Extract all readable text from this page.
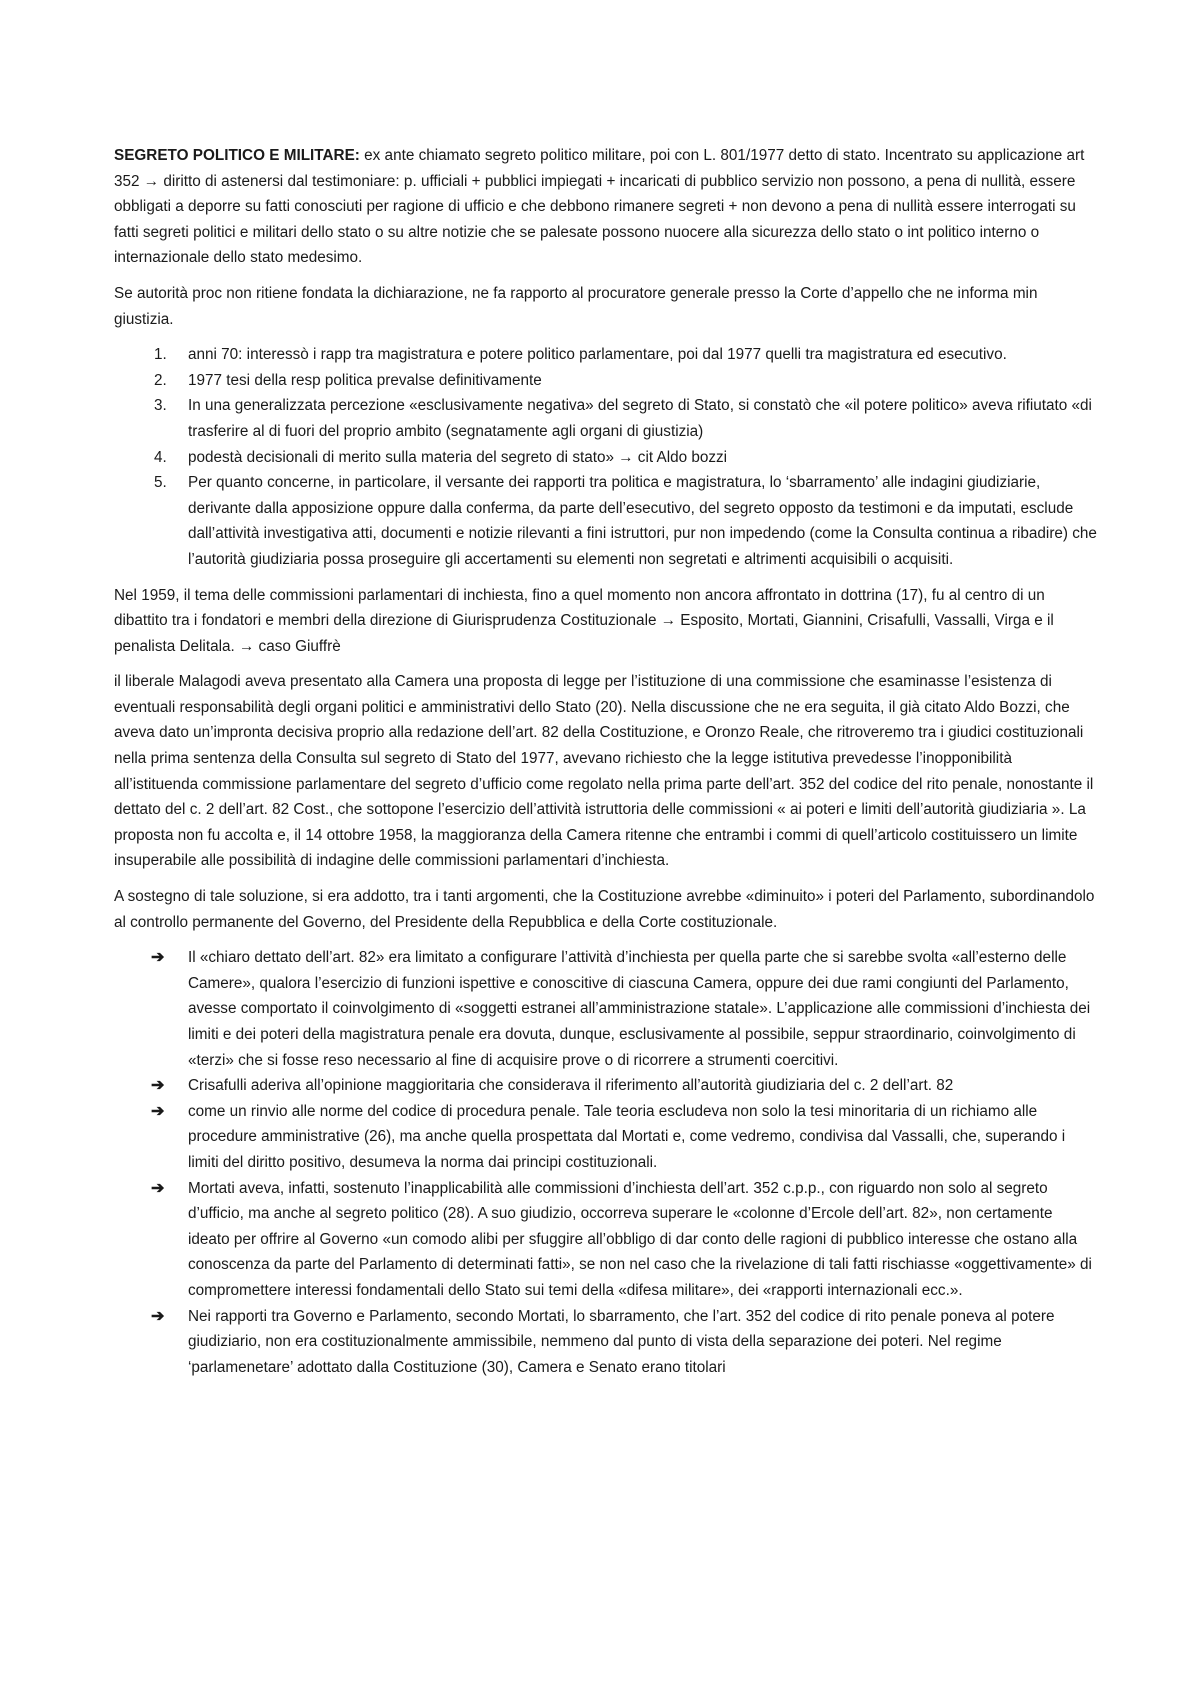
SEGRETO POLITICO E MILITARE: ex ante chiamato segreto politico militare, poi con L. 801/1977 detto di stato. Incentrato su applicazione art 352 → diritto di astenersi dal testimoniare: p. ufficiali + pubblici impiegati + incaricati di pubblico servizio non possono, a pena di nullità, essere obbligati a deporre su fatti conosciuti per ragione di ufficio e che debbono rimanere segreti + non devono a pena di nullità essere interrogati su fatti segreti politici e militari dello stato o su altre notizie che se palesate possono nuocere alla sicurezza dello stato o int politico interno o internazionale dello stato medesimo.

Se autorità proc non ritiene fondata la dichiarazione, ne fa rapporto al procuratore generale presso la Corte d’appello che ne informa min giustizia.

1. anni 70: interessò i rapp tra magistratura e potere politico parlamentare, poi dal 1977 quelli tra magistratura ed esecutivo.
2. 1977 tesi della resp politica prevalse definitivamente
3. In una generalizzata percezione «esclusivamente negativa» del segreto di Stato, si constatò che «il potere politico» aveva rifiutato «di trasferire al di fuori del proprio ambito (segnatamente agli organi di giustizia)
4. podestà decisionali di merito sulla materia del segreto di stato» → cit Aldo bozzi
5. Per quanto concerne, in particolare, il versante dei rapporti tra politica e magistratura, lo ‘sbarramento’ alle indagini giudiziarie, derivante dalla apposizione oppure dalla conferma, da parte dell’esecutivo, del segreto opposto da testimoni e da imputati, esclude dall’attività investigativa atti, documenti e notizie rilevanti a fini istruttori, pur non impedendo (come la Consulta continua a ribadire) che l’autorità giudiziaria possa proseguire gli accertamenti su elementi non segretati e altrimenti acquisibili o acquisiti.

Nel 1959, il tema delle commissioni parlamentari di inchiesta, fino a quel momento non ancora affrontato in dottrina (17), fu al centro di un dibattito tra i fondatori e membri della direzione di Giurisprudenza Costituzionale → Esposito, Mortati, Giannini, Crisafulli, Vassalli, Virga e il penalista Delitala. → caso Giuffrè

il liberale Malagodi aveva presentato alla Camera una proposta di legge per l’istituzione di una commissione che esaminasse l’esistenza di eventuali responsabilità degli organi politici e amministrativi dello Stato (20). Nella discussione che ne era seguita, il già citato Aldo Bozzi, che aveva dato un’impronta decisiva proprio alla redazione dell’art. 82 della Costituzione, e Oronzo Reale, che ritroveremo tra i giudici costituzionali nella prima sentenza della Consulta sul segreto di Stato del 1977, avevano richiesto che la legge istitutiva prevedesse l’inopponibilità all’istituenda commissione parlamentare del segreto d’ufficio come regolato nella prima parte dell’art. 352 del codice del rito penale, nonostante il dettato del c. 2 dell’art. 82 Cost., che sottopone l’esercizio dell’attività istruttoria delle commissioni « ai poteri e limiti dell’autorità giudiziaria ». La proposta non fu accolta e, il 14 ottobre 1958, la maggioranza della Camera ritenne che entrambi i commi di quell’articolo costituissero un limite insuperabile alle possibilità di indagine delle commissioni parlamentari d’inchiesta.

A sostegno di tale soluzione, si era addotto, tra i tanti argomenti, che la Costituzione avrebbe «diminuito» i poteri del Parlamento, subordinandolo al controllo permanente del Governo, del Presidente della Repubblica e della Corte costituzionale.

➔ Il «chiaro dettato dell’art. 82» era limitato a configurare l’attività d’inchiesta per quella parte che si sarebbe svolta «all’esterno delle Camere», qualora l’esercizio di funzioni ispettive e conoscitive di ciascuna Camera, oppure dei due rami congiunti del Parlamento, avesse comportato il coinvolgimento di «soggetti estranei all’amministrazione statale». L’applicazione alle commissioni d’inchiesta dei limiti e dei poteri della magistratura penale era dovuta, dunque, esclusivamente al possibile, seppur straordinario, coinvolgimento di «terzi» che si fosse reso necessario al fine di acquisire prove o di ricorrere a strumenti coercitivi.
➔ Crisafulli aderiva all’opinione maggioritaria che considerava il riferimento all’autorità giudiziaria del c. 2 dell’art. 82
➔ come un rinvio alle norme del codice di procedura penale. Tale teoria escludeva non solo la tesi minoritaria di un richiamo alle procedure amministrative (26), ma anche quella prospettata dal Mortati e, come vedremo, condivisa dal Vassalli, che, superando i limiti del diritto positivo, desumeva la norma dai principi costituzionali.
➔ Mortati aveva, infatti, sostenuto l’inapplicabilità alle commissioni d’inchiesta dell’art. 352 c.p.p., con riguardo non solo al segreto d’ufficio, ma anche al segreto politico (28). A suo giudizio, occorreva superare le «colonne d’Ercole dell’art. 82», non certamente ideato per offrire al Governo «un comodo alibi per sfuggire all’obbligo di dar conto delle ragioni di pubblico interesse che ostano alla conoscenza da parte del Parlamento di determinati fatti», se non nel caso che la rivelazione di tali fatti rischiasse «oggettivamente» di compromettere interessi fondamentali dello Stato sui temi della «difesa militare», dei «rapporti internazionali ecc.».
➔ Nei rapporti tra Governo e Parlamento, secondo Mortati, lo sbarramento, che l’art. 352 del codice di rito penale poneva al potere giudiziario, non era costituzionalmente ammissibile, nemmeno dal punto di vista della separazione dei poteri. Nel regime ‘parlamenetare’ adottato dalla Costituzione (30), Camera e Senato erano titolari
